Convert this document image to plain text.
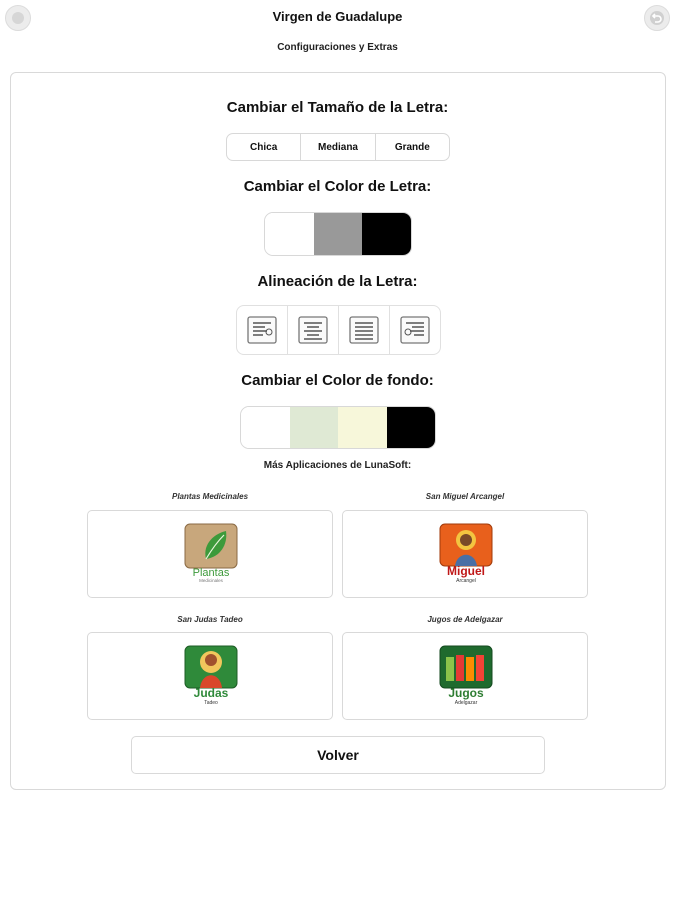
Virgen de Guadalupe
Configuraciones y Extras
Cambiar el Tamaño de la Letra:
Chica	Mediana	Grande
Cambiar el Color de Letra:
Alineación de la Letra:
Cambiar el Color de fondo:
Más Aplicaciones de LunaSoft:
Plantas Medicinales
Plantas
Medicinales
San Miguel Arcangel
Miguel
Arcangel
San Judas Tadeo
Judas
Tadeo
Jugos de Adelgazar
Jugos
Adelgazar
Volver
